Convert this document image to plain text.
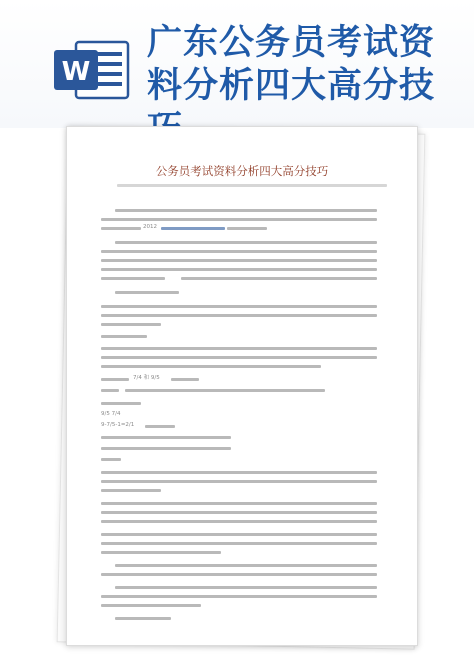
W
广东公务员考试资料分析四大高分技
公务员考试资料分析四大高分技巧
2012
7/4 和 9/5
9/5 7/4
9-7/5-1=2/1
